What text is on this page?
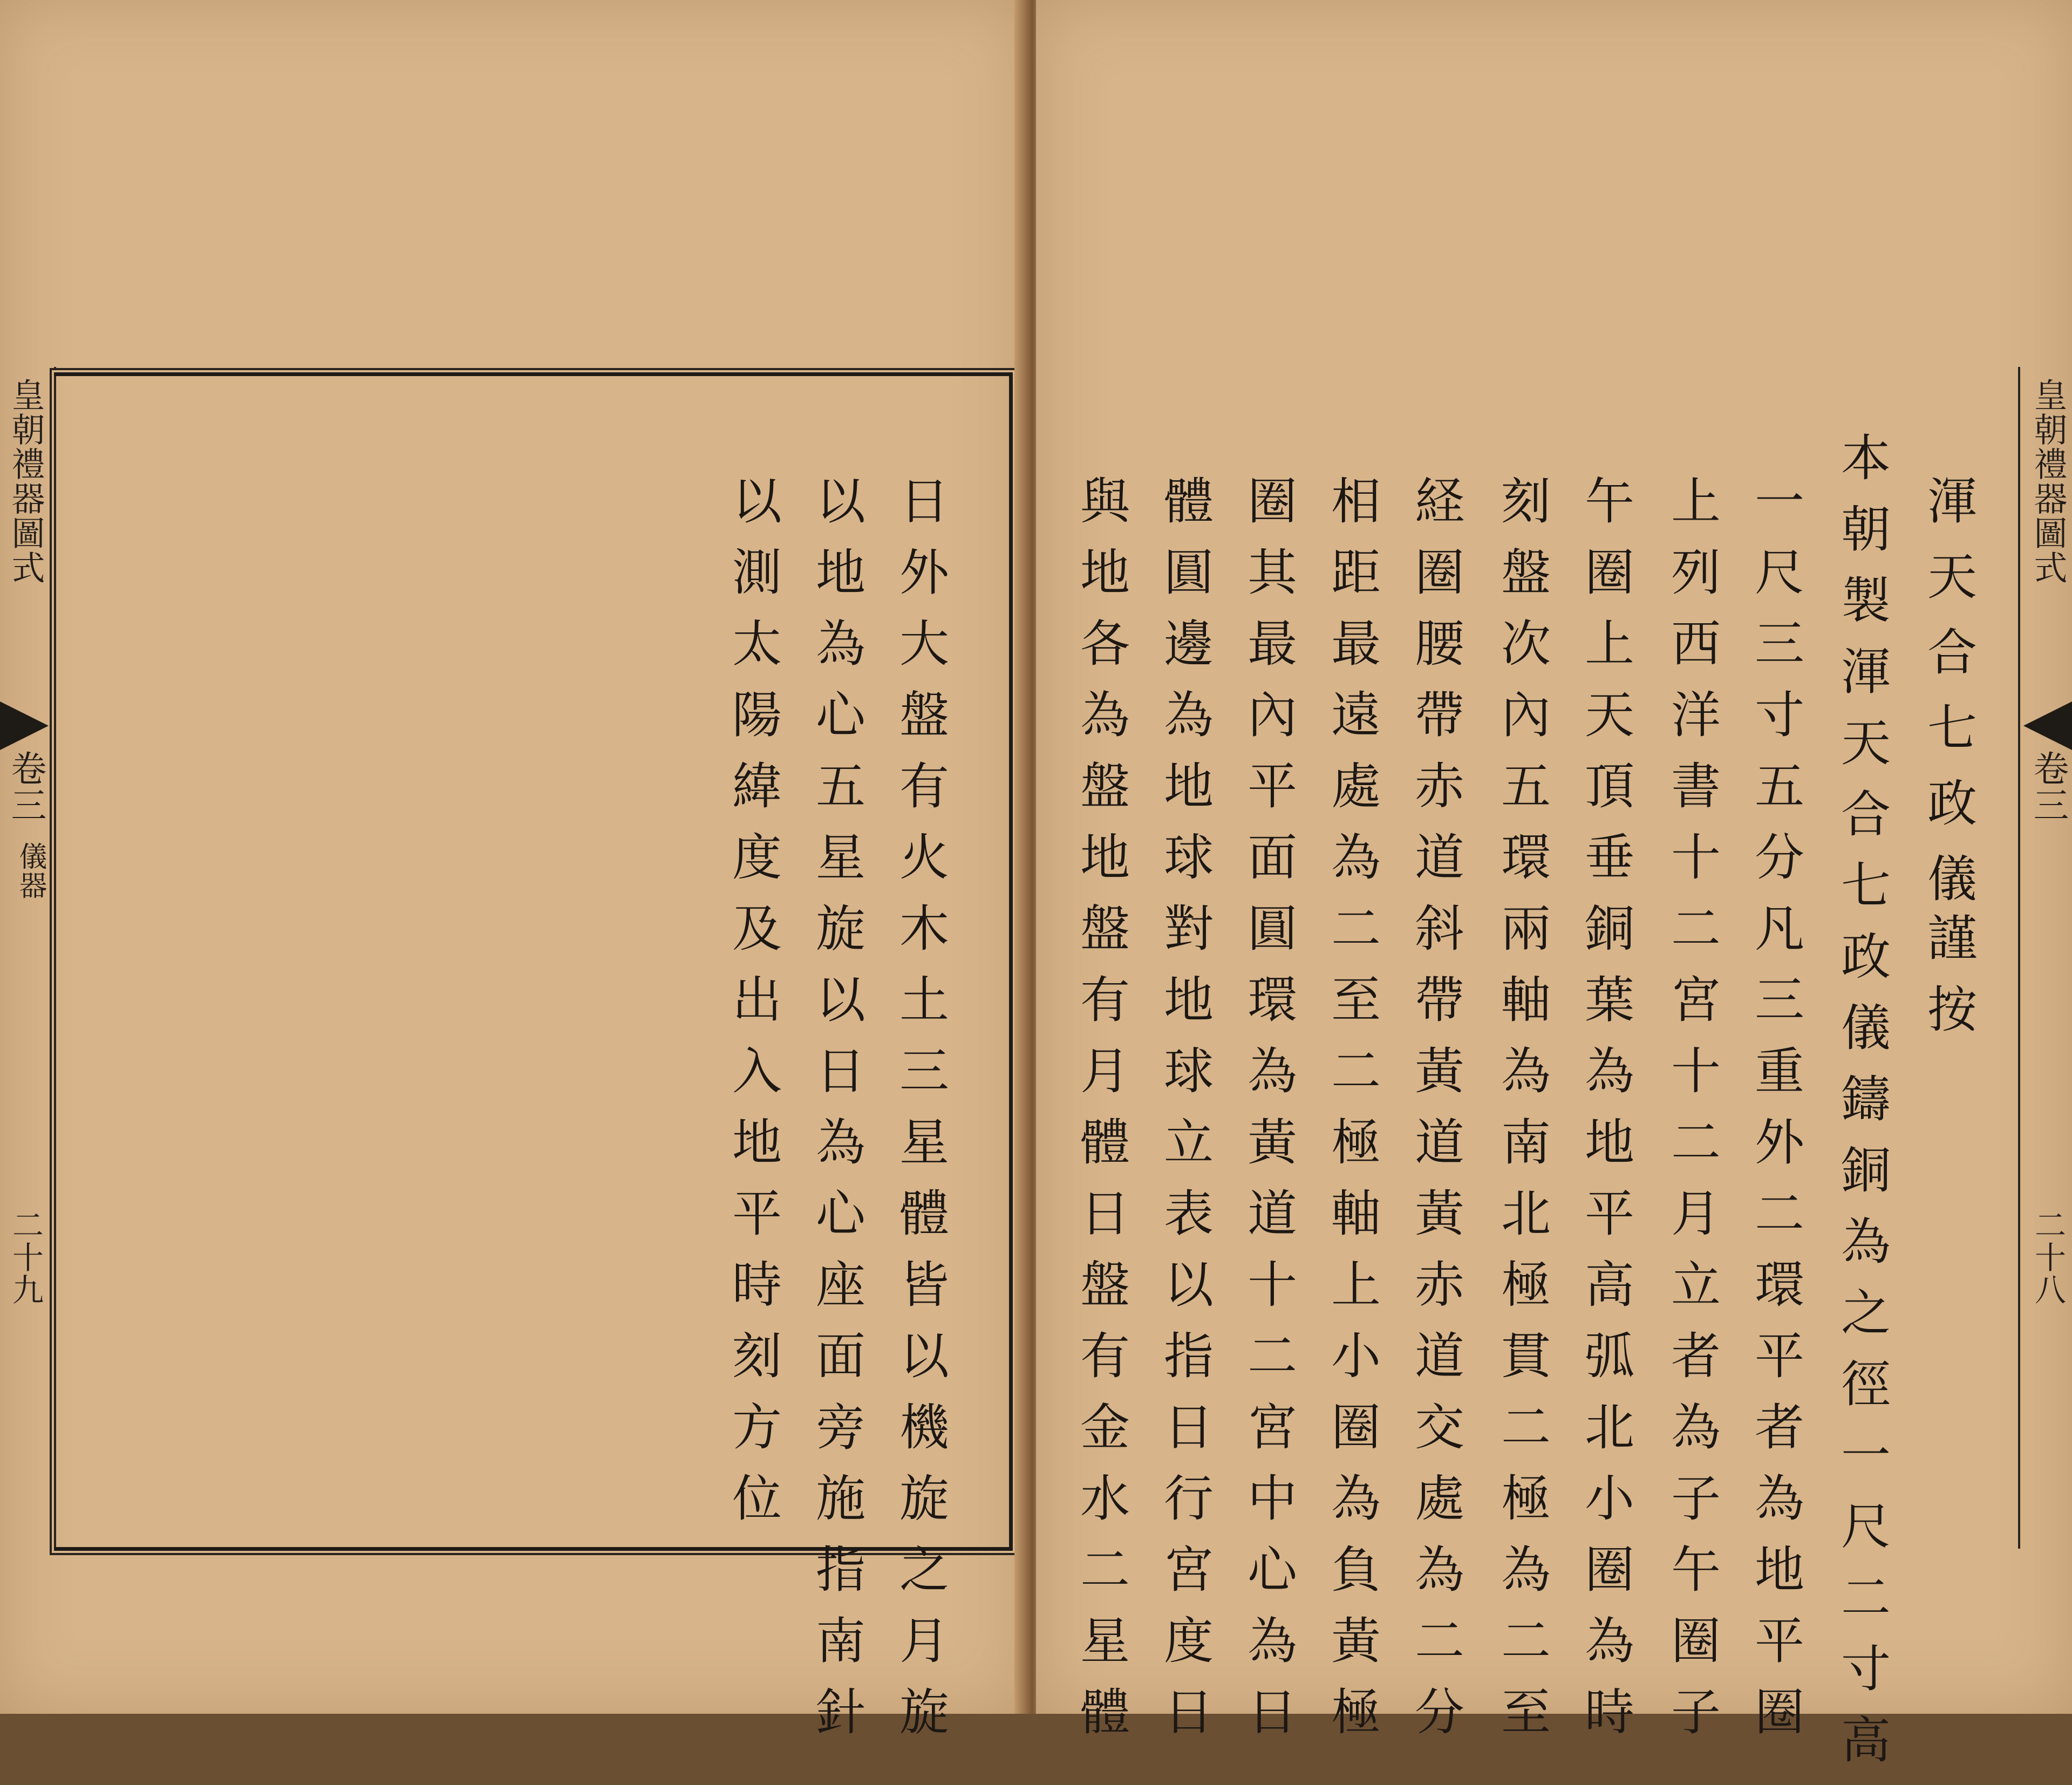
皇朝禮器圖式
卷三
儀器
二十九	日外大盤有火木土三星體皆以機旋之月旋
以地為心五星旋以日為心座面旁施指南針
以測太陽緯度及出入地平時刻方位	渾天合七政儀
謹按
本朝製渾天合七政儀鑄銅為之徑一尺二寸高
一尺三寸五分凡三重外二環平者為地平圈
上列西洋書十二宮十二月立者為子午圈子
午圈上天頂垂銅葉為地平高弧北小圈為時
刻盤次內五環兩軸為南北極貫二極為二至
経圈腰帶赤道斜帶黃道黃赤道交處為二分
相距最遠處為二至二極軸上小圈為負黃極
圈其最內平面圓環為黃道十二宮中心為日
體圓邊為地球對地球立表以指日行宮度日
與地各為盤地盤有月體日盤有金水二星體	皇朝禮器圖式
卷三
二十八
